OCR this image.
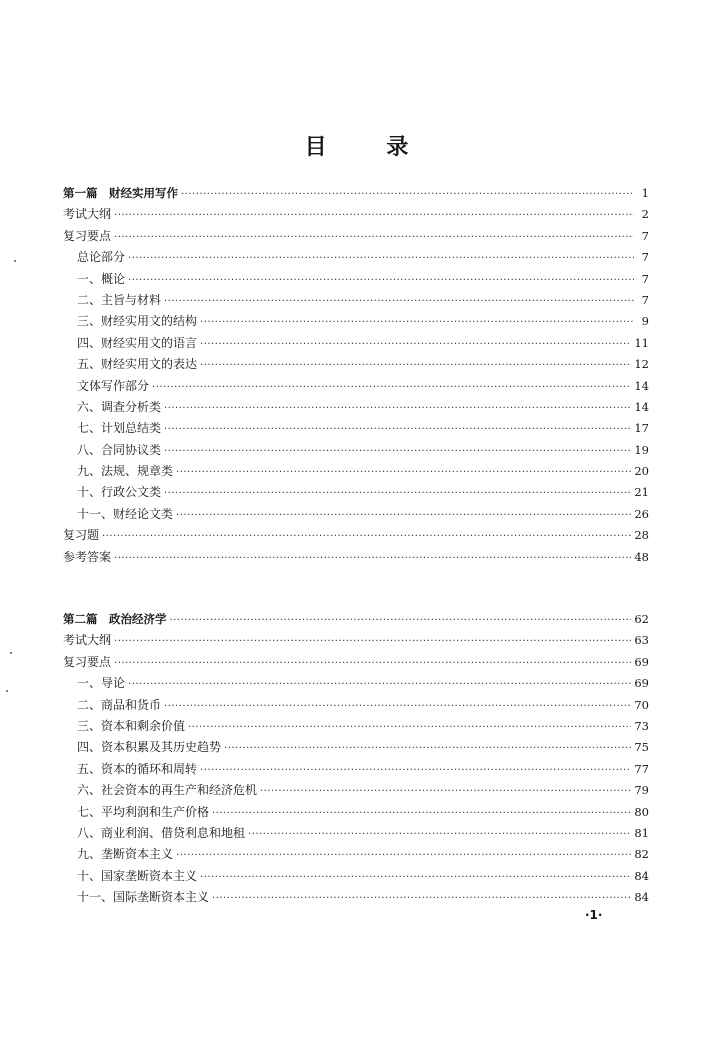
目 录
第一篇　财经实用写作 ·····	1
考试大纲 ·····	2
复习要点 ·····	7
总论部分 ·····	7
一、概论 ·····	7
二、主旨与材料 ·····	7
三、财经实用文的结构 ·····	9
四、财经实用文的语言 ·····	11
五、财经实用文的表达 ·····	12
文体写作部分 ·····	14
六、调查分析类 ·····	14
七、计划总结类 ·····	17
八、合同协议类 ·····	19
九、法规、规章类 ·····	20
十、行政公文类 ·····	21
十一、财经论文类 ·····	26
复习题 ·····	28
参考答案 ·····	48
第二篇　政治经济学 ·····	62
考试大纲 ·····	63
复习要点 ·····	69
一、导论 ·····	69
二、商品和货币 ·····	70
三、资本和剩余价值 ·····	73
四、资本积累及其历史趋势 ·····	75
五、资本的循环和周转 ·····	77
六、社会资本的再生产和经济危机 ·····	79
七、平均利润和生产价格 ·····	80
八、商业利润、借贷利息和地租 ·····	81
九、垄断资本主义 ·····	82
十、国家垄断资本主义 ·····	84
十一、国际垄断资本主义 ·····	84
·1·
